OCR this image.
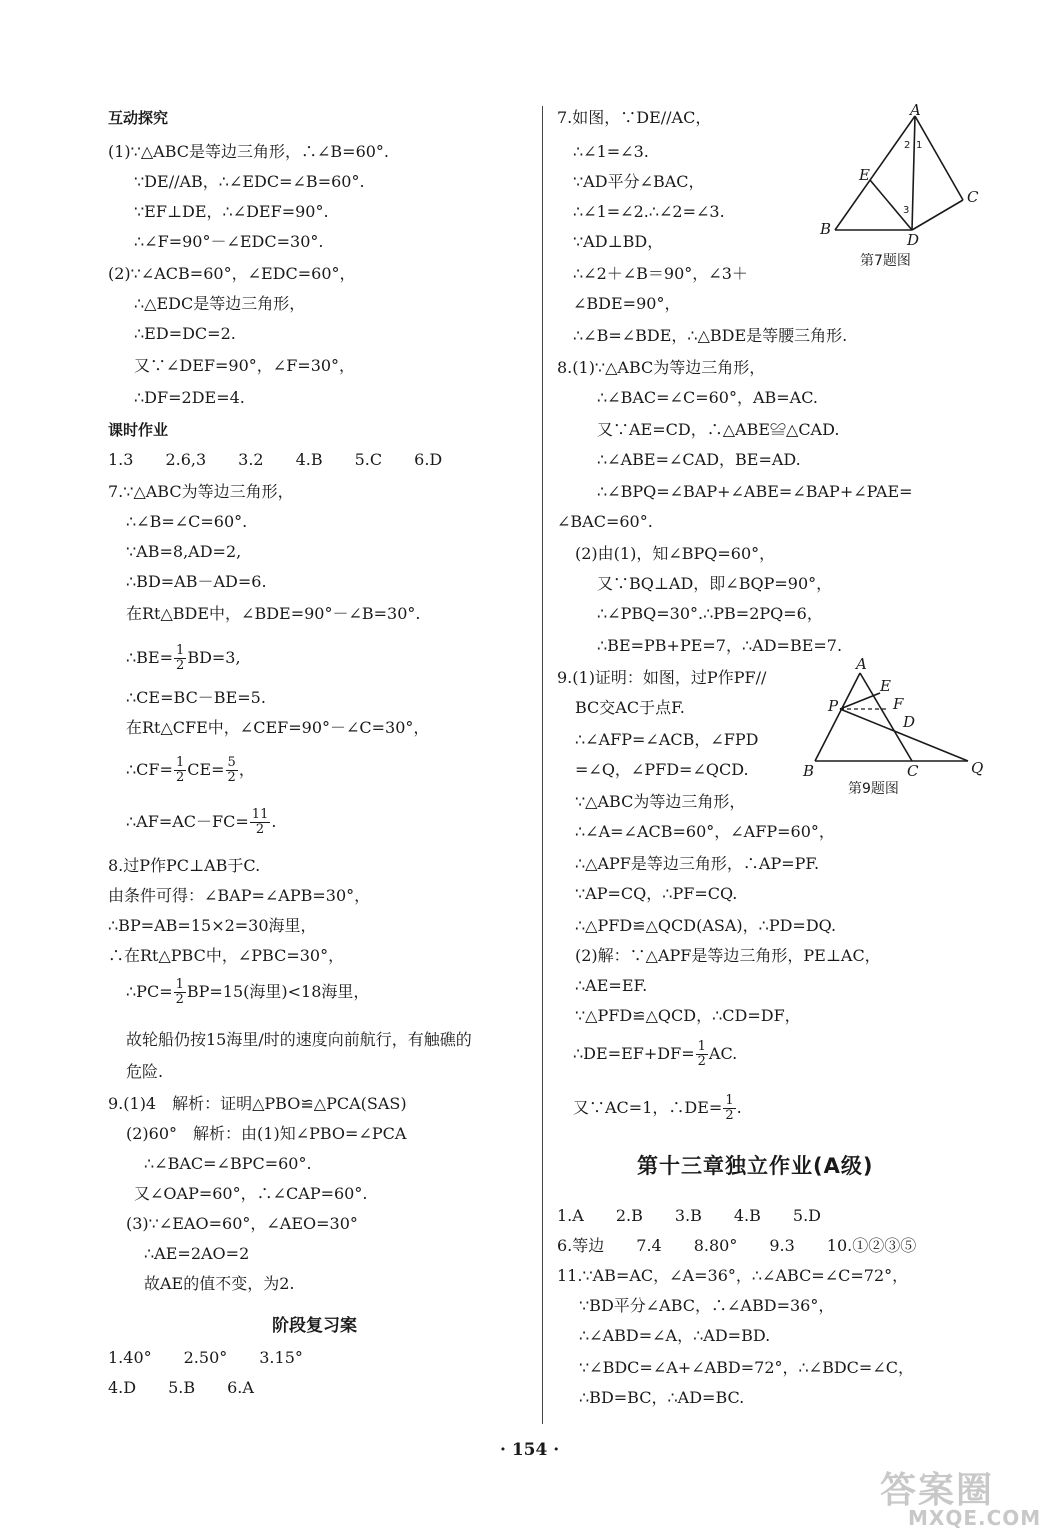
互动探究
(1)∵△ABC是等边三角形，∴∠B=60°.
∵DE//AB，∴∠EDC=∠B=60°.
∵EF⊥DE，∴∠DEF=90°.
∴∠F=90°－∠EDC=30°.
(2)∵∠ACB=60°，∠EDC=60°，
∴△EDC是等边三角形，
∴ED=DC=2.
又∵∠DEF=90°，∠F=30°，
∴DF=2DE=4.
课时作业
1.3　　2.6,3　　3.2　　4.B　　5.C　　6.D
7.∵△ABC为等边三角形，
∴∠B=∠C=60°.
∵AB=8,AD=2,
∴BD=AB－AD=6.
在Rt△BDE中，∠BDE=90°－∠B=30°.
∴BE= $\frac{1}{2} BD=3$,
∴CE=BC－BE=5.
在Rt△CFE中，∠CEF=90°－∠C=30°，
∴CF= $\frac{1}{2} CE= \frac{5}{2}$ ，
∴AF=AC－FC= $\frac{11}{2}$ .
8.过P作PC⊥AB于C.
由条件可得：∠BAP=∠APB=30°，
∴BP=AB=15×2=30海里，
∴在Rt△PBC中，∠PBC=30°，
∴PC= $\frac{1}{2} BP=15$(海里)<18海里，
故轮船仍按15海里/时的速度向前航行，有触礁的
危险.
9.(1)4　解析：证明△PBO≌△PCA(SAS)
(2)60°　解析：由(1)知∠PBO=∠PCA
∴∠BAC=∠BPC=60°.
又∠OAP=60°，∴∠CAP=60°.
(3)∵∠EAO=60°，∠AEO=30°
∴AE=2AO=2
故AE的值不变，为2.
阶段复习案
1.40°　　2.50°　　3.15°
4.D　　5.B　　6.A
7.如图，∵DE//AC，
∴∠1=∠3.
∵AD平分∠BAC，
∴∠1=∠2.∴∠2=∠3.
∵AD⊥BD，
∴∠2＋∠B＝90°，∠3＋
∠BDE=90°，
∴∠B=∠BDE，∴△BDE是等腰三角形.
8.(1)∵△ABC为等边三角形，
∴∠BAC=∠C=60°，AB=AC.
又∵AE=CD，∴△ABE≌△CAD.
∴∠ABE=∠CAD，BE=AD.
∴∠BPQ=∠BAP+∠ABE=∠BAP+∠PAE=
∠BAC=60°.
(2)由(1)，知∠BPQ=60°，
又∵BQ⊥AD，即∠BQP=90°，
∴∠PBQ=30°.∴PB=2PQ=6，
∴BE=PB+PE=7，∴AD=BE=7.
9.(1)证明：如图，过P作PF//
BC交AC于点F.
∴∠AFP=∠ACB，∠FPD
=∠Q，∠PFD=∠QCD.
∵△ABC为等边三角形，
∴∠A=∠ACB=60°，∠AFP=60°，
∴△APF是等边三角形，∴AP=PF.
∵AP=CQ，∴PF=CQ.
∴△PFD≌△QCD(ASA)，∴PD=DQ.
(2)解：∵△APF是等边三角形，PE⊥AC，
∴AE=EF.
∵△PFD≌△QCD，∴CD=DF，
∴DE=EF+DF= $\frac{1}{2}$ AC.
又∵AC=1，∴DE= $\frac{1}{2}$ .
第十三章独立作业(A级)
1.A　　2.B　　3.B　　4.B　　5.D
6.等边　　7.4　　8.80°　　9.3　　10.①②③⑤
11.∵AB=AC，∠A=36°，∴∠ABC=∠C=72°，
∵BD平分∠ABC，∴∠ABD=36°，
∴∠ABD=∠A，∴AD=BD.
∵∠BDC=∠A+∠ABD=72°，∴∠BDC=∠C，
∴BD=BC，∴AD=BC.
A
B
C
D
E
1
2
3
第7题图
A
B	C
D
E
F
P
Q
第9题图
· 154 ·
答案圈
MXQE.COM
